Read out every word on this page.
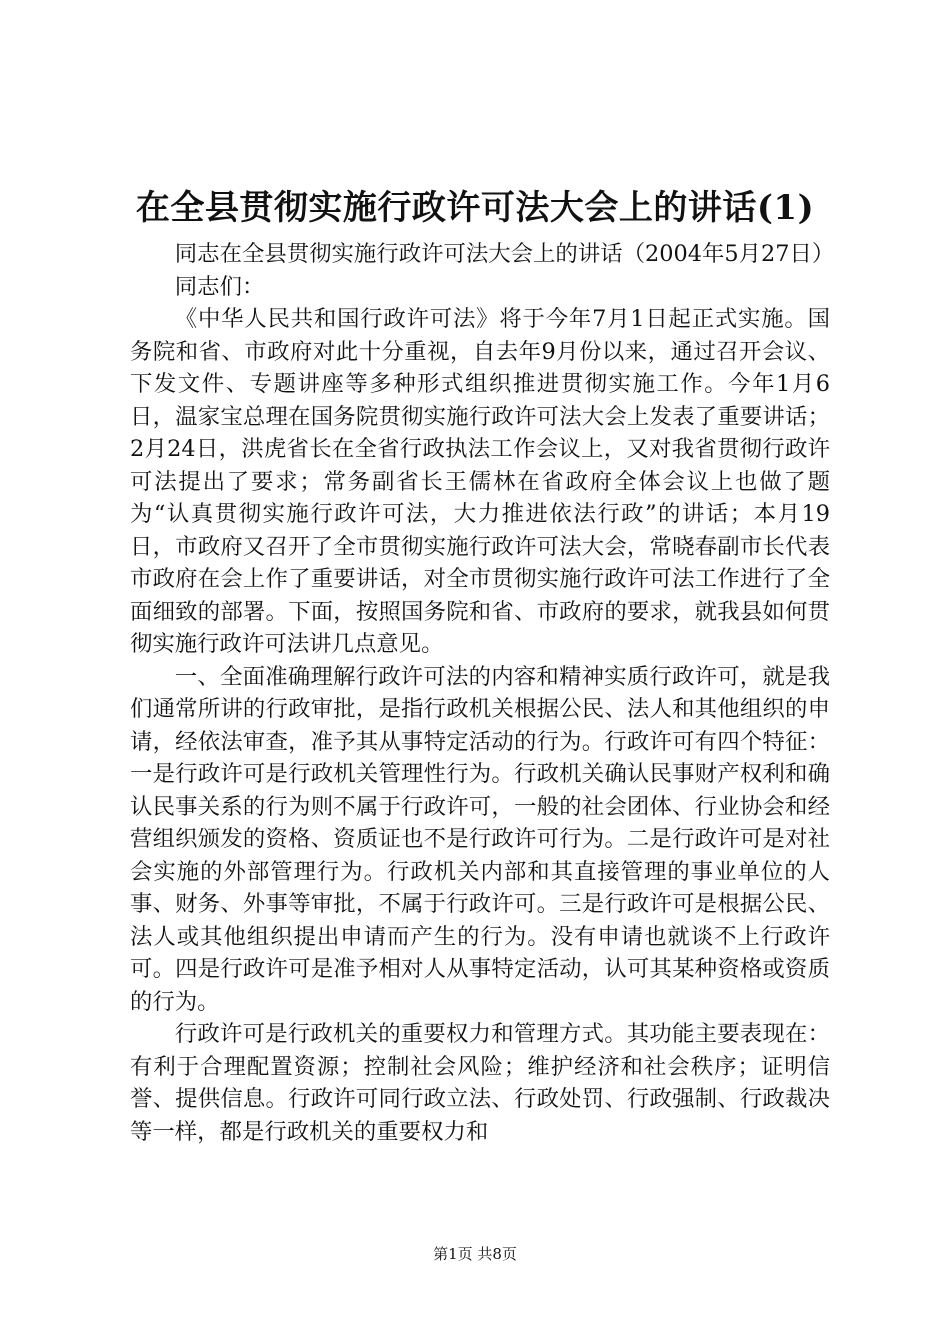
在全县贯彻实施行政许可法大会上的讲话(1)

同志在全县贯彻实施行政许可法大会上的讲话（2004年5月27日）

同志们：

《中华人民共和国行政许可法》将于今年7月1日起正式实施。国务院和省、市政府对此十分重视，自去年9月份以来，通过召开会议、下发文件、专题讲座等多种形式组织推进贯彻实施工作。今年1月6日，温家宝总理在国务院贯彻实施行政许可法大会上发表了重要讲话；2月24日，洪虎省长在全省行政执法工作会议上，又对我省贯彻行政许可法提出了要求；常务副省长王儒林在省政府全体会议上也做了题为“认真贯彻实施行政许可法，大力推进依法行政”的讲话；本月19日，市政府又召开了全市贯彻实施行政许可法大会，常晓春副市长代表市政府在会上作了重要讲话，对全市贯彻实施行政许可法工作进行了全面细致的部署。下面，按照国务院和省、市政府的要求，就我县如何贯彻实施行政许可法讲几点意见。

一、全面准确理解行政许可法的内容和精神实质行政许可，就是我们通常所讲的行政审批，是指行政机关根据公民、法人和其他组织的申请，经依法审查，准予其从事特定活动的行为。行政许可有四个特征：一是行政许可是行政机关管理性行为。行政机关确认民事财产权利和确认民事关系的行为则不属于行政许可，一般的社会团体、行业协会和经营组织颁发的资格、资质证也不是行政许可行为。二是行政许可是对社会实施的外部管理行为。行政机关内部和其直接管理的事业单位的人事、财务、外事等审批，不属于行政许可。三是行政许可是根据公民、法人或其他组织提出申请而产生的行为。没有申请也就谈不上行政许可。四是行政许可是准予相对人从事特定活动，认可其某种资格或资质的行为。

行政许可是行政机关的重要权力和管理方式。其功能主要表现在：有利于合理配置资源；控制社会风险；维护经济和社会秩序；证明信誉、提供信息。行政许可同行政立法、行政处罚、行政强制、行政裁决等一样，都是行政机关的重要权力和

第1页 共8页
